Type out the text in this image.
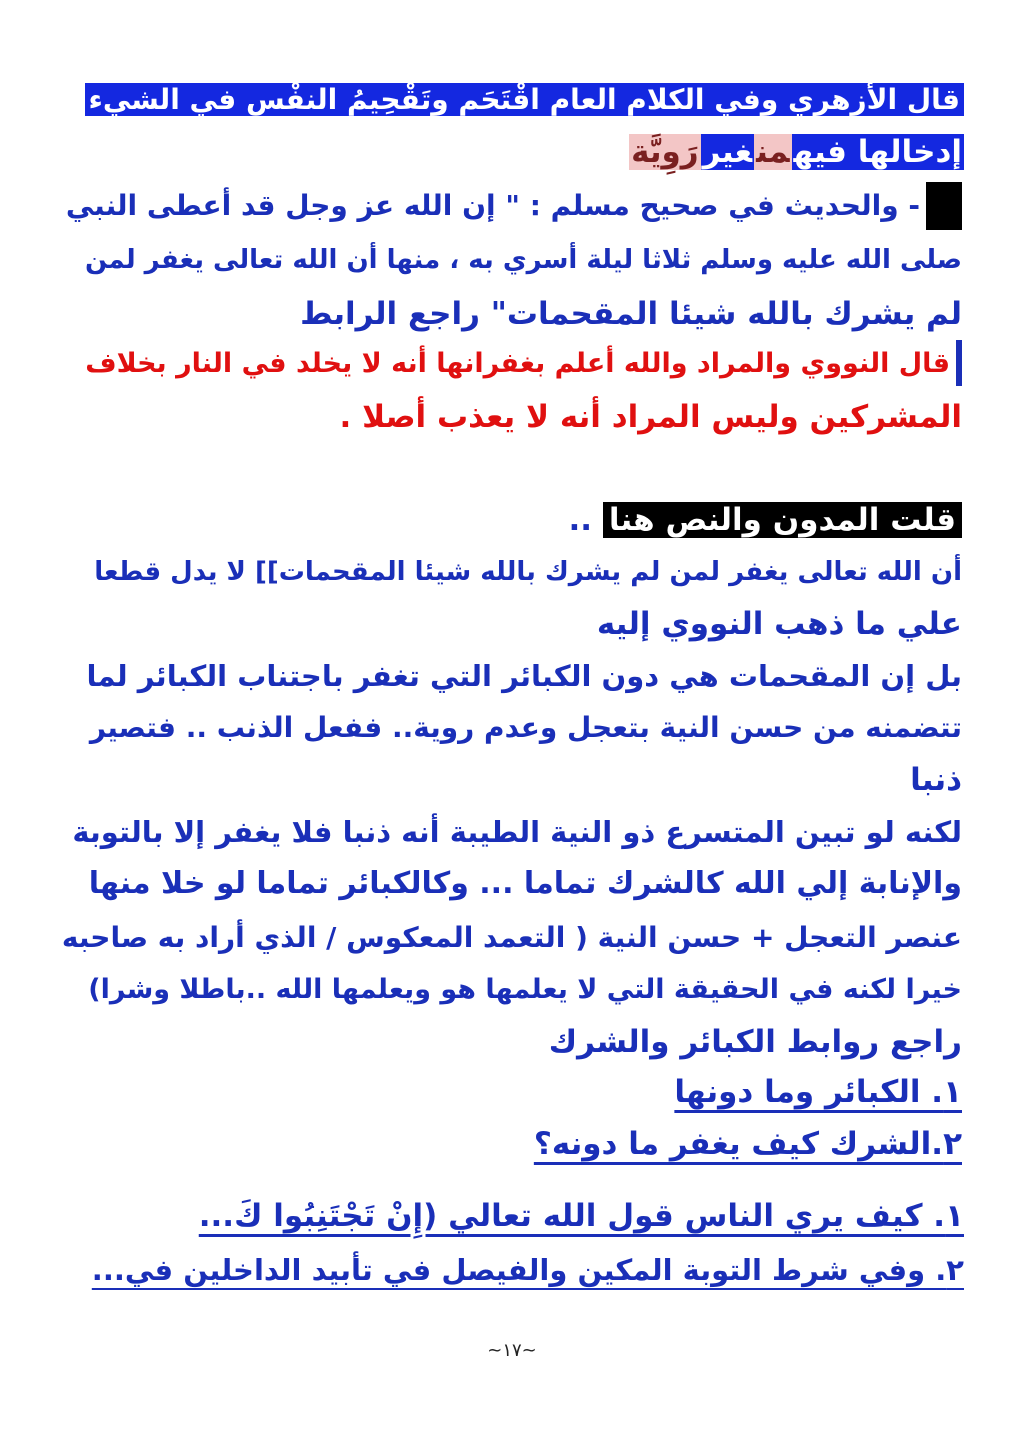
قال الأزهري وفي الكلام العام اقْتَحَم وتَقْحِيمُ النفْس في الشيء
إدخالها فيهمنغيررَوِيَّة
- والحديث في صحيح مسلم : " إن الله عز وجل قد أعطى النبي
صلى الله عليه وسلم ثلاثا ليلة أسري به ، منها أن الله تعالى يغفر لمن
لم يشرك بالله شيئا المقحمات" راجع الرابط
قال النووي والمراد والله أعلم بغفرانها أنه لا يخلد في النار بخلاف
المشركين وليس المراد أنه لا يعذب أصلا .
قلت المدون والنص هنا ..
أن الله تعالى يغفر لمن لم يشرك بالله شيئا المقحمات]] لا يدل قطعا
علي ما ذهب النووي إليه
بل إن المقحمات هي دون الكبائر التي تغفر باجتناب الكبائر لما
تتضمنه من حسن النية بتعجل وعدم روية.. ففعل الذنب .. فتصير
ذنبا
لكنه لو تبين المتسرع ذو النية الطيبة أنه ذنبا فلا يغفر إلا بالتوبة
والإنابة إلي الله كالشرك تماما ... وكالكبائر تماما لو خلا منها
عنصر التعجل + حسن النية ( التعمد المعكوس / الذي أراد به صاحبه
خيرا لكنه في الحقيقة التي لا يعلمها هو ويعلمها الله ..باطلا وشرا)
راجع روابط الكبائر والشرك
١. الكبائر وما دونها
٢.الشرك كيف يغفر ما دونه؟
١. كيف يري الناس قول الله تعالي (إِنْ تَجْتَنِبُوا كَ...
٢. وفي شرط التوبة المكين والفيصل في تأبيد الداخلين في...
~١٧~
